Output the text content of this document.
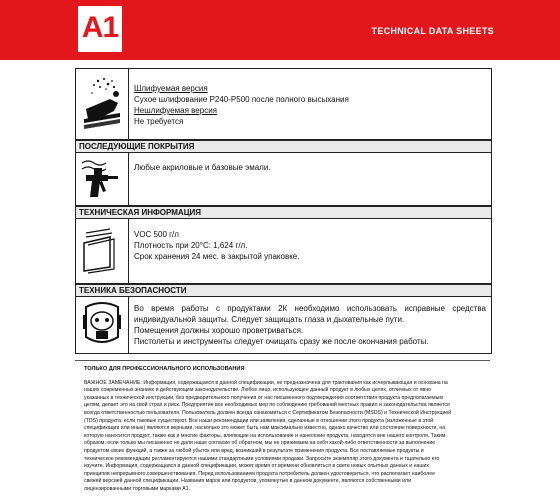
A1	TECHNICAL DATA SHEETS
Шлифуемая версия
Сухое шлифование P240-P500 после полного высыхания
Нешлифуемая версия
Не требуется
ПОСЛЕДУЮЩИЕ ПОКРЫТИЯ
Любые акриловые и базовые эмали.
ТЕХНИЧЕСКАЯ ИНФОРМАЦИЯ
VOC 500 г/л
Плотность при 20°C: 1,624 г/л.
Срок хранения 24 мес. в закрытой упаковке.
ТЕХНИКА БЕЗОПАСНОСТИ
Во время работы с продуктами 2К необходимо использовать исправные средства
индивидуальной защиты. Следует защищать глаза и дыхательные пути.
Помещения должны хорошо проветриваться.
Пистолеты и инструменты следует очищать сразу же после окончания работы.
ТОЛЬКО ДЛЯ ПРОФЕССИОНАЛЬНОГО ИСПОЛЬЗОВАНИЯ
ВАЖНОЕ ЗАМЕЧАНИЕ: Информация, содержащаяся в данной спецификации, не предназначена для трактования как исчерпывающая и основана на
наших современных знаниях и действующем законодательстве. Любое лицо, использующее данный продукт в любых целях, отличных от явно
указанных в технической инструкции, без предварительного получения от нас письменного подтверждения соответствия продукта предполагаемым
целям, делает это на свой страх и риск. Предприятие все необходимых мер по соблюдению требований местных правил и законодательства является
всегда ответственностью пользователя. Пользователь должен всегда ознакомиться с Сертификатом Безопасности (MSDS) и Технической Инструкцией
(TDS) продукта, если таковые существуют. Все наши рекомендации или заявления, сделанные в отношении этого продукта (изложенные в этой
спецификации или иные) являются верными, насколько это может быть нам максимально известно, однако качество или состояние поверхности, на
которую наносится продукт, также как и многие факторы, влияющие на использование и нанесение продукта, находятся вне нашего контроля. Таким
образом, если только мы письменно не дали наше согласие об обратном, мы не принимаем на себя какой-либо ответственности за выполнение
продуктом своих функций, а также за любой убыток или вред, возникший в результате применения продукта. Все поставляемые продукты и
техническое рекомендации регламентируются нашими стандартными условиями продажи. Запросите экземпляр этого документа и тщательно его
изучите. Информация, содержащаяся в данной спецификации, может время от времени обновляться в свете новых опытных данных и наших
принципов непрерывного совершенствования. Перед использованием продукта потребитель должен удостовериться, что располагает наиболее
свежей версией данной спецификации. Названия марок или продуктов, упомянутые в данном документе, являются собственными или
лицензированными торговыми марками A1.
